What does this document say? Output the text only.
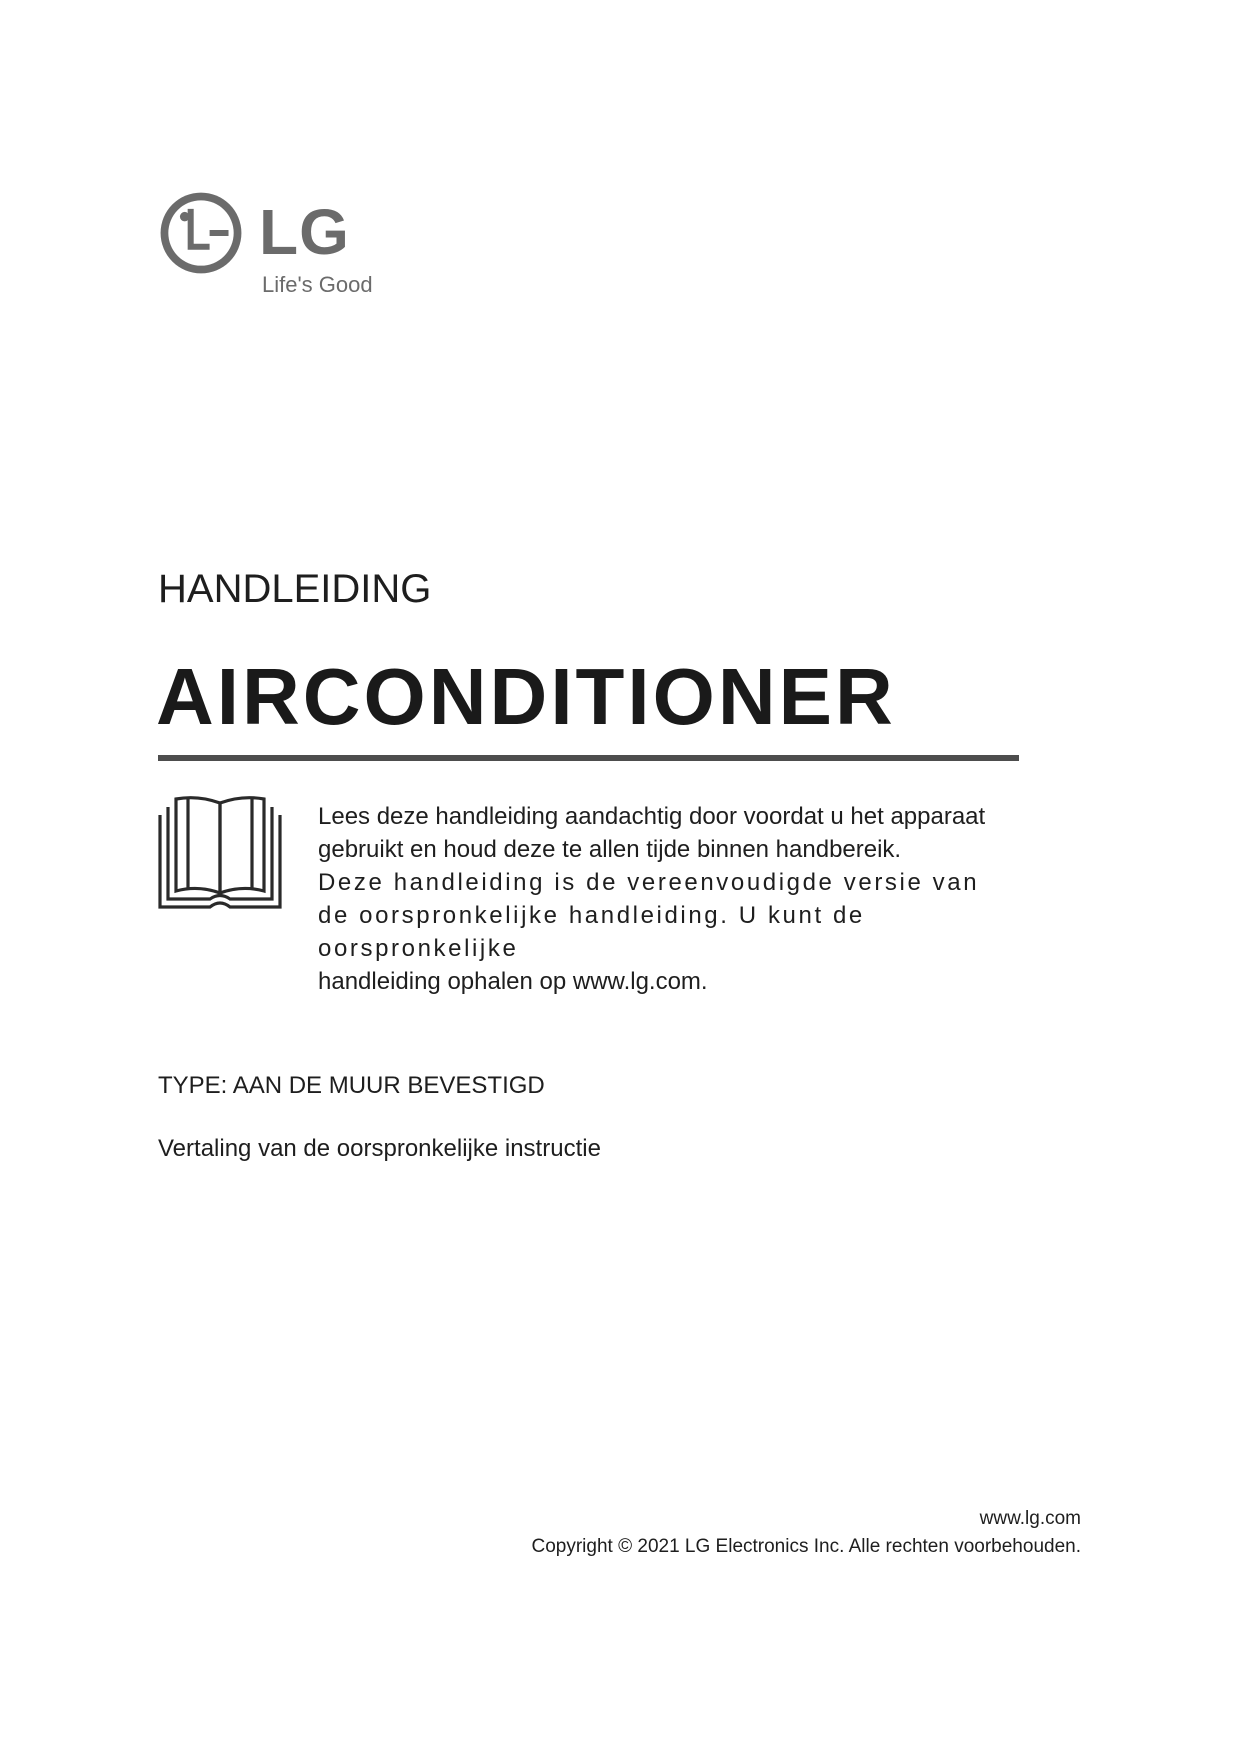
LG
Life's Good
HANDLEIDING
AIRCONDITIONER

Lees deze handleiding aandachtig door voordat u het apparaat gebruikt en houd deze te allen tijde binnen handbereik.

Deze handleiding is de vereenvoudigde versie van de oorspronkelijke handleiding. U kunt de oorspronkelijke

handleiding ophalen op www.lg.com.

TYPE: AAN DE MUUR BEVESTIGD
Vertaling van de oorspronkelijke instructie
www.lg.com
Copyright © 2021 LG Electronics Inc. Alle rechten voorbehouden.
